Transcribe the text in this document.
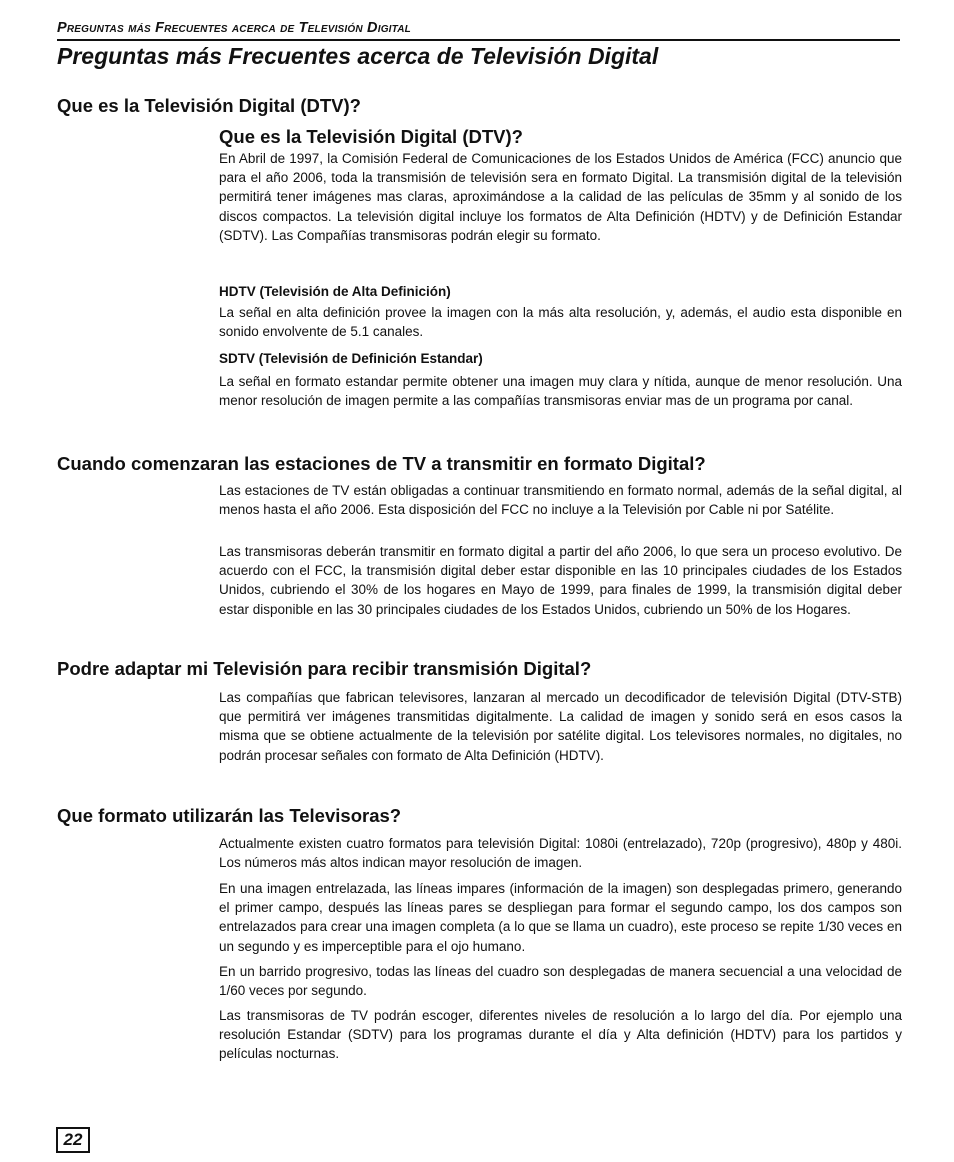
Preguntas más Frecuentes acerca de Televisión Digital
Preguntas más Frecuentes acerca de Televisión Digital
Que es la Televisión Digital (DTV)?
Que es la Televisión Digital (DTV)?

En Abril de 1997, la Comisión Federal de Comunicaciones de los Estados Unidos de América (FCC) anuncio que para el año 2006, toda la transmisión de televisión sera en formato Digital. La transmisión digital de la televisión permitirá tener imágenes mas claras, aproximándose a la calidad de las películas de 35mm y al sonido de los discos compactos. La televisión digital incluye los formatos de Alta Definición (HDTV) y de Definición Estandar (SDTV). Las Compañías transmisoras podrán elegir su formato.

HDTV (Televisión de Alta Definición)

La señal en alta definición provee la imagen con la más alta resolución, y, además, el audio esta disponible en sonido envolvente de 5.1 canales.

SDTV (Televisión de Definición Estandar)

La señal en formato estandar permite obtener una imagen muy clara y nítida, aunque de menor resolución. Una menor resolución de imagen permite a las compañías transmisoras enviar mas de un programa por canal.

Cuando comenzaran las estaciones de TV a transmitir en formato Digital?

Las estaciones de TV están obligadas a continuar transmitiendo en formato normal, además de la señal digital, al menos hasta el año 2006. Esta disposición del FCC no incluye a la Televisión por Cable ni por Satélite.

Las transmisoras deberán transmitir en formato digital a partir del año 2006, lo que sera un proceso evolutivo. De acuerdo con el FCC, la transmisión digital deber estar disponible en las 10 principales ciudades de los Estados Unidos, cubriendo el 30% de los hogares en Mayo de 1999, para finales de 1999, la transmisión digital deber estar disponible en las 30 principales ciudades de los Estados Unidos, cubriendo un 50% de los Hogares.

Podre adaptar mi Televisión para recibir transmisión Digital?

Las compañías que fabrican televisores, lanzaran al mercado un decodificador de televisión Digital (DTV-STB) que permitirá ver imágenes transmitidas digitalmente. La calidad de imagen y sonido será en esos casos la misma que se obtiene actualmente de la televisión por satélite digital. Los televisores normales, no digitales, no podrán procesar señales con formato de Alta Definición (HDTV).

Que formato utilizarán las Televisoras?

Actualmente existen cuatro formatos para televisión Digital: 1080i (entrelazado), 720p (progresivo), 480p y 480i. Los números más altos indican mayor resolución de imagen.

En una imagen entrelazada, las líneas impares (información de la imagen) son desplegadas primero, generando el primer campo, después las líneas pares se despliegan para formar el segundo campo, los dos campos son entrelazados para crear una imagen completa (a lo que se llama un cuadro), este proceso se repite 1/30 veces en un segundo y es imperceptible para el ojo humano.

En un barrido progresivo, todas las líneas del cuadro son desplegadas de manera secuencial a una velocidad de 1/60 veces por segundo.

Las transmisoras de TV podrán escoger, diferentes niveles de resolución a lo largo del día. Por ejemplo una resolución Estandar (SDTV) para los programas durante el día y Alta definición (HDTV) para los partidos y películas nocturnas.

22
